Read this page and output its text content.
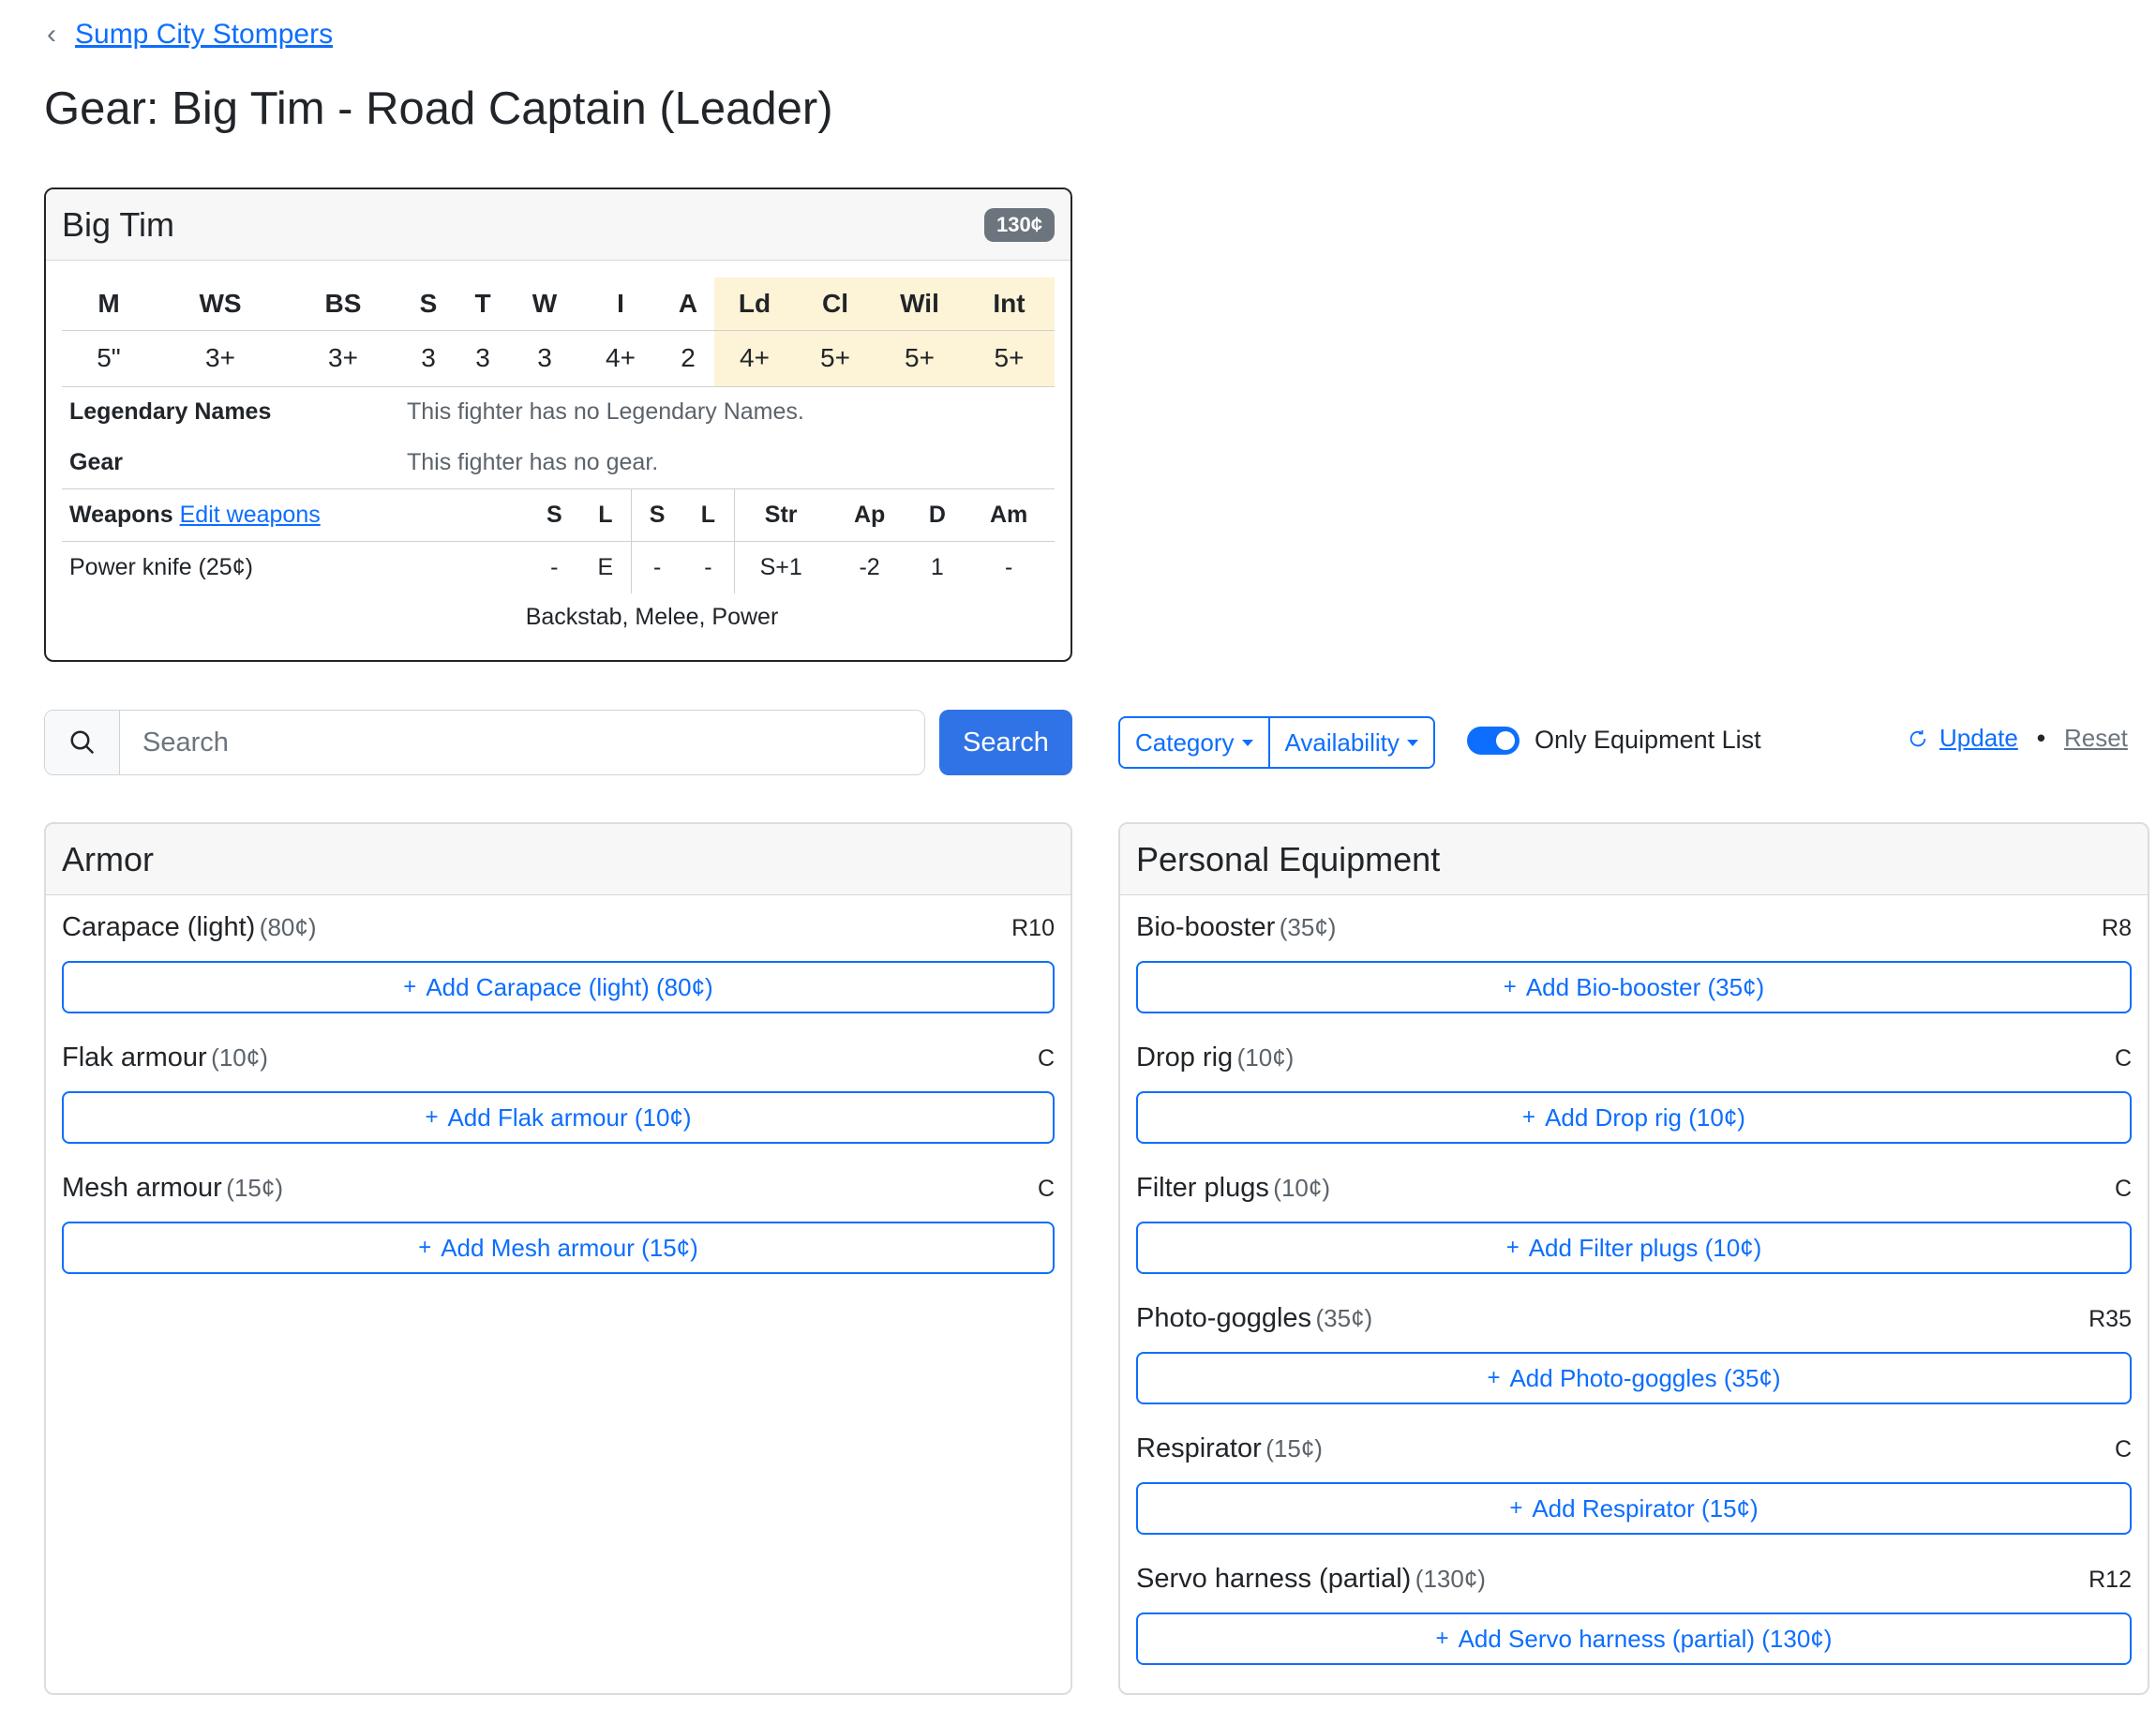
‹ Sump City Stompers
Gear: Big Tim - Road Captain (Leader)
Big Tim	130¢
M	WS	BS	S	T	W	I	A	Ld	Cl	Wil	Int
5"	3+	3+	3	3	3	4+	2	4+	5+	5+	5+
Legendary Names	This fighter has no Legendary Names.
Gear	This fighter has no gear.
Weapons Edit weapons	S	L	S	L	Str	Ap	D	Am
Power knife (25¢)	-	E	-	-	S+1	-2	1	-
Backstab, Melee, Power
Search
Search	Category Availability	Only Equipment List	Update • Reset
Armor
Carapace (light) (80¢)	R10
+ Add Carapace (light) (80¢)
Flak armour (10¢)	C
+ Add Flak armour (10¢)
Mesh armour (15¢)	C
+ Add Mesh armour (15¢)
Personal Equipment
Bio-booster (35¢)	R8
+ Add Bio-booster (35¢)
Drop rig (10¢)	C
+ Add Drop rig (10¢)
Filter plugs (10¢)	C
+ Add Filter plugs (10¢)
Photo-goggles (35¢)	R35
+ Add Photo-goggles (35¢)
Respirator (15¢)	C
+ Add Respirator (15¢)
Servo harness (partial) (130¢)	R12
+ Add Servo harness (partial) (130¢)
